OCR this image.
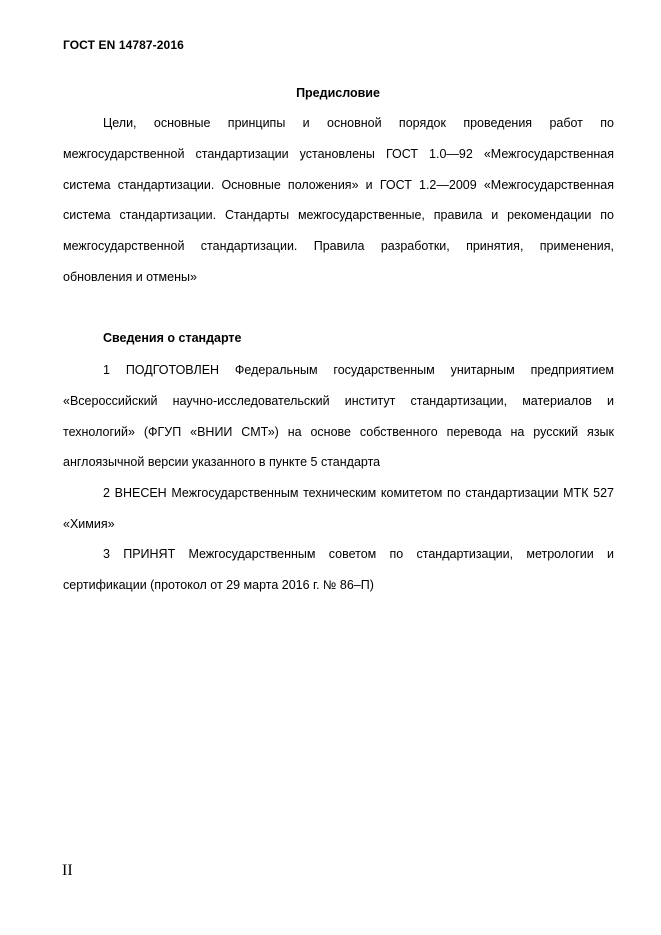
ГОСТ EN 14787-2016
Предисловие

Цели, основные принципы и основной порядок проведения работ по межгосударственной стандартизации установлены ГОСТ 1.0—92 «Межгосударственная система стандартизации. Основные положения» и ГОСТ 1.2—2009 «Межгосударственная система стандартизации. Стандарты межгосударственные, правила и рекомендации по межгосударственной стандартизации. Правила разработки, принятия, применения, обновления и отмены»

Сведения о стандарте

1 ПОДГОТОВЛЕН Федеральным государственным унитарным предприятием «Всероссийский научно-исследовательский институт стандартизации, материалов и технологий» (ФГУП «ВНИИ СМТ») на основе собственного перевода на русский язык англоязычной версии указанного в пункте 5 стандарта

2 ВНЕСЕН Межгосударственным техническим комитетом по стандартизации МТК 527 «Химия»

3 ПРИНЯТ Межгосударственным советом по стандартизации, метрологии и сертификации (протокол от 29 марта 2016 г. № 86–П)

II
